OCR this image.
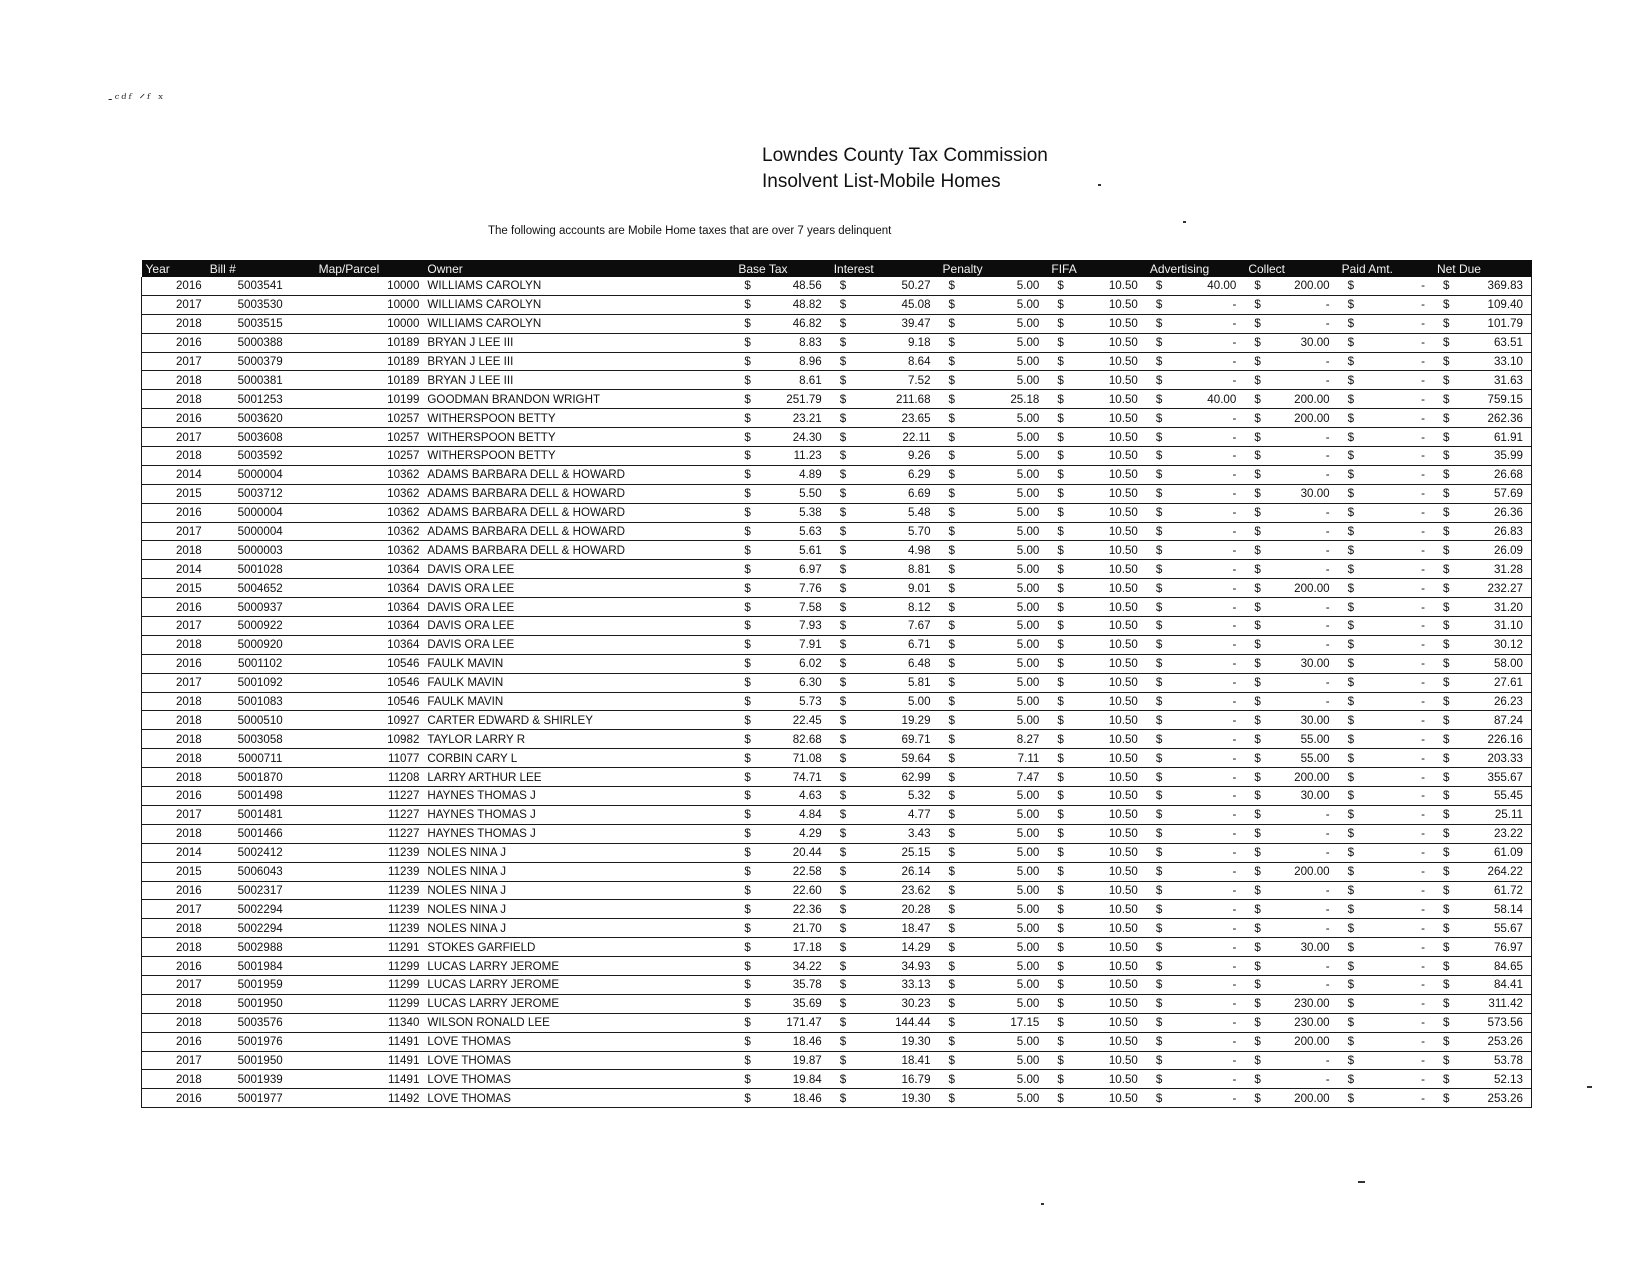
‐ᶜᵈᶠ ᐟᶠ ˣ
Lowndes County Tax Commission
Insolvent List-Mobile Homes
The following accounts are Mobile Home taxes that are over 7 years delinquent
Year	Bill #	Map/Parcel	Owner	Base Tax	Interest	Penalty	FIFA	Advertising	Collect	Paid Amt.	Net Due
2016	5003541	10000	WILLIAMS CAROLYN	$ 48.56	$ 50.27	$ 5.00	$ 10.50	$ 40.00	$ 200.00	$ -	$ 369.83

2017	5003530	10000	WILLIAMS CAROLYN	$ 48.82	$ 45.08	$ 5.00	$ 10.50	$ -	$ -	$ -	$ 109.40

2018	5003515	10000	WILLIAMS CAROLYN	$ 46.82	$ 39.47	$ 5.00	$ 10.50	$ -	$ -	$ -	$ 101.79

2016	5000388	10189	BRYAN J LEE III	$ 8.83	$ 9.18	$ 5.00	$ 10.50	$ -	$ 30.00	$ -	$ 63.51

2017	5000379	10189	BRYAN J LEE III	$ 8.96	$ 8.64	$ 5.00	$ 10.50	$ -	$ -	$ -	$ 33.10

2018	5000381	10189	BRYAN J LEE III	$ 8.61	$ 7.52	$ 5.00	$ 10.50	$ -	$ -	$ -	$ 31.63

2018	5001253	10199	GOODMAN BRANDON WRIGHT	$ 251.79	$ 211.68	$ 25.18	$ 10.50	$ 40.00	$ 200.00	$ -	$ 759.15

2016	5003620	10257	WITHERSPOON BETTY	$ 23.21	$ 23.65	$ 5.00	$ 10.50	$ -	$ 200.00	$ -	$ 262.36

2017	5003608	10257	WITHERSPOON BETTY	$ 24.30	$ 22.11	$ 5.00	$ 10.50	$ -	$ -	$ -	$ 61.91

2018	5003592	10257	WITHERSPOON BETTY	$ 11.23	$ 9.26	$ 5.00	$ 10.50	$ -	$ -	$ -	$ 35.99

2014	5000004	10362	ADAMS BARBARA DELL & HOWARD	$ 4.89	$ 6.29	$ 5.00	$ 10.50	$ -	$ -	$ -	$ 26.68

2015	5003712	10362	ADAMS BARBARA DELL & HOWARD	$ 5.50	$ 6.69	$ 5.00	$ 10.50	$ -	$ 30.00	$ -	$ 57.69

2016	5000004	10362	ADAMS BARBARA DELL & HOWARD	$ 5.38	$ 5.48	$ 5.00	$ 10.50	$ -	$ -	$ -	$ 26.36

2017	5000004	10362	ADAMS BARBARA DELL & HOWARD	$ 5.63	$ 5.70	$ 5.00	$ 10.50	$ -	$ -	$ -	$ 26.83

2018	5000003	10362	ADAMS BARBARA DELL & HOWARD	$ 5.61	$ 4.98	$ 5.00	$ 10.50	$ -	$ -	$ -	$ 26.09

2014	5001028	10364	DAVIS ORA LEE	$ 6.97	$ 8.81	$ 5.00	$ 10.50	$ -	$ -	$ -	$ 31.28

2015	5004652	10364	DAVIS ORA LEE	$ 7.76	$ 9.01	$ 5.00	$ 10.50	$ -	$ 200.00	$ -	$ 232.27

2016	5000937	10364	DAVIS ORA LEE	$ 7.58	$ 8.12	$ 5.00	$ 10.50	$ -	$ -	$ -	$ 31.20

2017	5000922	10364	DAVIS ORA LEE	$ 7.93	$ 7.67	$ 5.00	$ 10.50	$ -	$ -	$ -	$ 31.10

2018	5000920	10364	DAVIS ORA LEE	$ 7.91	$ 6.71	$ 5.00	$ 10.50	$ -	$ -	$ -	$ 30.12

2016	5001102	10546	FAULK MAVIN	$ 6.02	$ 6.48	$ 5.00	$ 10.50	$ -	$ 30.00	$ -	$ 58.00

2017	5001092	10546	FAULK MAVIN	$ 6.30	$ 5.81	$ 5.00	$ 10.50	$ -	$ -	$ -	$ 27.61

2018	5001083	10546	FAULK MAVIN	$ 5.73	$ 5.00	$ 5.00	$ 10.50	$ -	$ -	$ -	$ 26.23

2018	5000510	10927	CARTER EDWARD & SHIRLEY	$ 22.45	$ 19.29	$ 5.00	$ 10.50	$ -	$ 30.00	$ -	$ 87.24

2018	5003058	10982	TAYLOR LARRY R	$ 82.68	$ 69.71	$ 8.27	$ 10.50	$ -	$ 55.00	$ -	$ 226.16

2018	5000711	11077	CORBIN CARY L	$ 71.08	$ 59.64	$ 7.11	$ 10.50	$ -	$ 55.00	$ -	$ 203.33

2018	5001870	11208	LARRY ARTHUR LEE	$ 74.71	$ 62.99	$ 7.47	$ 10.50	$ -	$ 200.00	$ -	$ 355.67

2016	5001498	11227	HAYNES THOMAS J	$ 4.63	$ 5.32	$ 5.00	$ 10.50	$ -	$ 30.00	$ -	$ 55.45

2017	5001481	11227	HAYNES THOMAS J	$ 4.84	$ 4.77	$ 5.00	$ 10.50	$ -	$ -	$ -	$ 25.11

2018	5001466	11227	HAYNES THOMAS J	$ 4.29	$ 3.43	$ 5.00	$ 10.50	$ -	$ -	$ -	$ 23.22

2014	5002412	11239	NOLES NINA J	$ 20.44	$ 25.15	$ 5.00	$ 10.50	$ -	$ -	$ -	$ 61.09

2015	5006043	11239	NOLES NINA J	$ 22.58	$ 26.14	$ 5.00	$ 10.50	$ -	$ 200.00	$ -	$ 264.22

2016	5002317	11239	NOLES NINA J	$ 22.60	$ 23.62	$ 5.00	$ 10.50	$ -	$ -	$ -	$ 61.72

2017	5002294	11239	NOLES NINA J	$ 22.36	$ 20.28	$ 5.00	$ 10.50	$ -	$ -	$ -	$ 58.14

2018	5002294	11239	NOLES NINA J	$ 21.70	$ 18.47	$ 5.00	$ 10.50	$ -	$ -	$ -	$ 55.67

2018	5002988	11291	STOKES GARFIELD	$ 17.18	$ 14.29	$ 5.00	$ 10.50	$ -	$ 30.00	$ -	$ 76.97

2016	5001984	11299	LUCAS LARRY JEROME	$ 34.22	$ 34.93	$ 5.00	$ 10.50	$ -	$ -	$ -	$ 84.65

2017	5001959	11299	LUCAS LARRY JEROME	$ 35.78	$ 33.13	$ 5.00	$ 10.50	$ -	$ -	$ -	$ 84.41

2018	5001950	11299	LUCAS LARRY JEROME	$ 35.69	$ 30.23	$ 5.00	$ 10.50	$ -	$ 230.00	$ -	$ 311.42

2018	5003576	11340	WILSON RONALD LEE	$ 171.47	$ 144.44	$ 17.15	$ 10.50	$ -	$ 230.00	$ -	$ 573.56

2016	5001976	11491	LOVE THOMAS	$ 18.46	$ 19.30	$ 5.00	$ 10.50	$ -	$ 200.00	$ -	$ 253.26

2017	5001950	11491	LOVE THOMAS	$ 19.87	$ 18.41	$ 5.00	$ 10.50	$ -	$ -	$ -	$ 53.78

2018	5001939	11491	LOVE THOMAS	$ 19.84	$ 16.79	$ 5.00	$ 10.50	$ -	$ -	$ -	$ 52.13

2016	5001977	11492	LOVE THOMAS	$ 18.46	$ 19.30	$ 5.00	$ 10.50	$ -	$ 200.00	$ -	$ 253.26
